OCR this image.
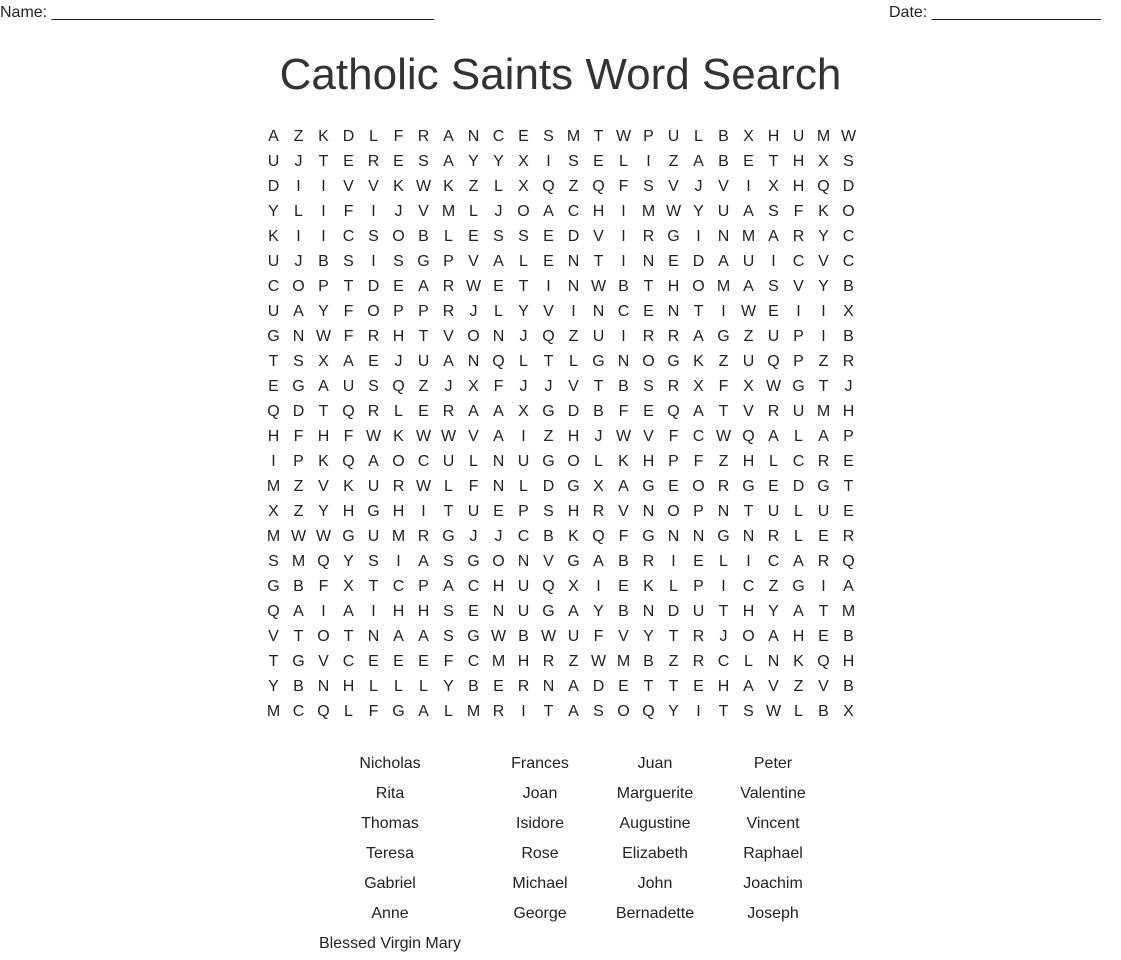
Name: ___________________________________________	Date: ___________________
Catholic Saints Word Search
A Z K D L F R A N C E S M T W P U L B X H U M W
U J	T E R E S A Y Y X	I	S E L	I	Z A B E T H X S
D	I	I	V V K W K Z L X Q Z Q F S V J V	I	X H Q D
Y L	I	F	I	J V M L	J O A C H	I	M W Y U A S F K O
K	I	I	C S O B L E S S E D V	I	R G	I	N M A R Y C
U J B S	I	S G P V A L E N T	I	N E D A U	I	C V C
C O P T D E A R W E T	I	N W B T H O M A S V Y B
U A Y F O P P R J	L Y V	I	N C E N T	I W E	I	I	X
G N W F R H T V O N J Q Z U	I	R R A G Z U P	I	B
T S X A E J U A N Q L T L G N O G K Z U Q P Z R
E G A U S Q Z	J X F	J	J V T B S R X F X W G T	J
Q D T Q R L E R A A X G D B F E Q A T V R U M H
H F H F W K W W V A	I	Z H J W V F C W Q A L A P
I	P K Q A O C U L N U G O L K H P F Z H L C R E
M Z V K U R W L F N L D G X A G E O R G E D G T
X Z Y H G H	I	T U E P S H R V N O P N T U L U E
M W W G U M R G J	J C B K Q F G N N G N R L E R
S M Q Y S	I	A S G O N V G A B R	I	E L	I	C A R Q
G B F X T C P A C H U Q X	I	E K L P	I	C Z G	I	A
Q A	I	A	I	H H S E N U G A Y B N D U T H Y A T M
V T O T N A A S G W B W U F V Y T R J O A H E B
T G V C E E E F C M H R Z W M B Z R C L N K Q H
Y B N H L	L	L Y B E R N A D E T T E H A V Z V B
M C Q L F G A L M R	I	T A S O Q Y	I	T S W L B X
Nicholas	Frances	Juan	Peter
Rita	Joan	Marguerite	Valentine
Thomas	Isidore	Augustine	Vincent
Teresa	Rose	Elizabeth	Raphael
Gabriel	Michael	John	Joachim
Anne	George	Bernadette	Joseph
Blessed Virgin Mary
